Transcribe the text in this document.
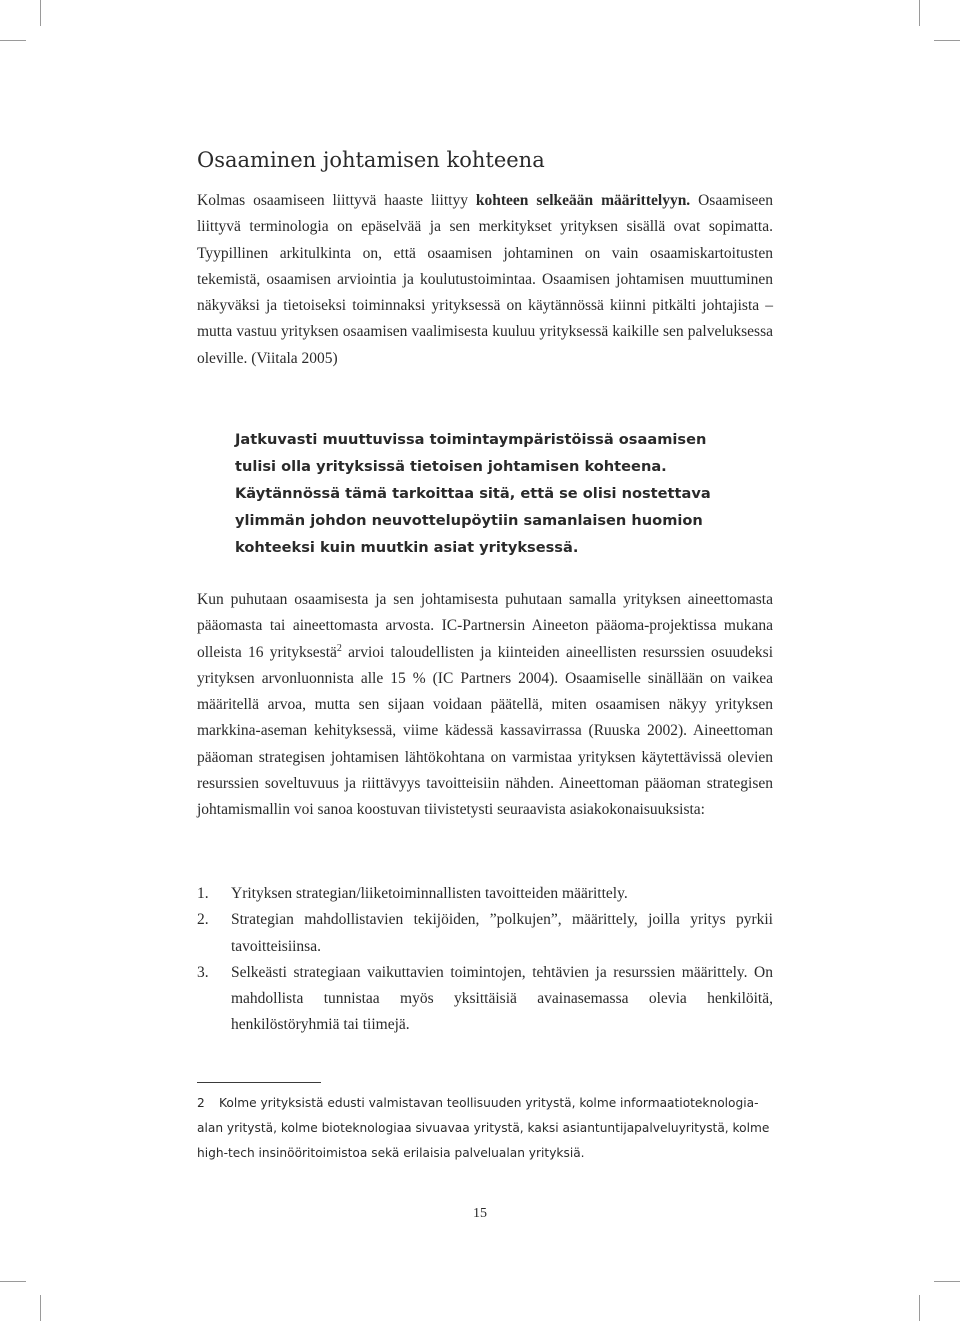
Osaaminen johtamisen kohteena

Kolmas osaamiseen liittyvä haaste liittyy kohteen selkeään määrittelyyn. Osaamiseen liittyvä terminologia on epäselvää ja sen merkitykset yrityksen sisällä ovat sopimatta. Tyypillinen arkitulkinta on, että osaamisen johtaminen on vain osaamiskartoitusten tekemistä, osaamisen arviointia ja koulutustoimintaa. Osaamisen johtamisen muuttuminen näkyväksi ja tietoiseksi toiminnaksi yrityksessä on käytännössä kiinni pitkälti johtajista – mutta vastuu yrityksen osaamisen vaalimisesta kuuluu yrityksessä kaikille sen palveluksessa oleville. (Viitala 2005)

Jatkuvasti muuttuvissa toimintaympäristöissä osaamisen tulisi olla yrityksissä tietoisen johtamisen kohteena. Käytännössä tämä tarkoittaa sitä, että se olisi nostettava ylimmän johdon neuvottelupöytiin samanlaisen huomion kohteeksi kuin muutkin asiat yrityksessä.

Kun puhutaan osaamisesta ja sen johtamisesta puhutaan samalla yrityksen aineettomasta pääomasta tai aineettomasta arvosta. IC-Partnersin Aineeton pääoma-projektissa mukana olleista 16 yrityksestä$^2$ arvioi taloudellisten ja kiinteiden aineellisten resurssien osuudeksi yrityksen arvonluonnista alle 15 % (IC Partners 2004). Osaamiselle sinällään on vaikea määritellä arvoa, mutta sen sijaan voidaan päätellä, miten osaamisen näkyy yrityksen markkina-aseman kehityksessä, viime kädessä kassavirrassa (Ruuska 2002). Aineettoman pääoman strategisen johtamisen lähtökohtana on varmistaa yrityksen käytettävissä olevien resurssien soveltuvuus ja riittävyys tavoitteisiin nähden. Aineettoman pääoman strategisen johtamismallin voi sanoa koostuvan tiivistetysti seuraavista asiakokonaisuuksista:

1.	Yrityksen strategian/liiketoiminnallisten tavoitteiden määrittely.
2.	Strategian mahdollistavien tekijöiden, ”polkujen”, määrittely, joilla yritys pyrkii tavoitteisiinsa.
3.	Selkeästi strategiaan vaikuttavien toimintojen, tehtävien ja resurssien määrittely. On mahdollista tunnistaa myös yksittäisiä avainasemassa olevia henkilöitä, henkilöstöryhmiä tai tiimejä.

2 Kolme yrityksistä edusti valmistavan teollisuuden yritystä, kolme informaatioteknologia-alan yritystä, kolme bioteknologiaa sivuavaa yritystä, kaksi asiantuntijapalveluyritystä, kolme high-tech insinööritoimistoa sekä erilaisia palvelualan yrityksiä.

15
